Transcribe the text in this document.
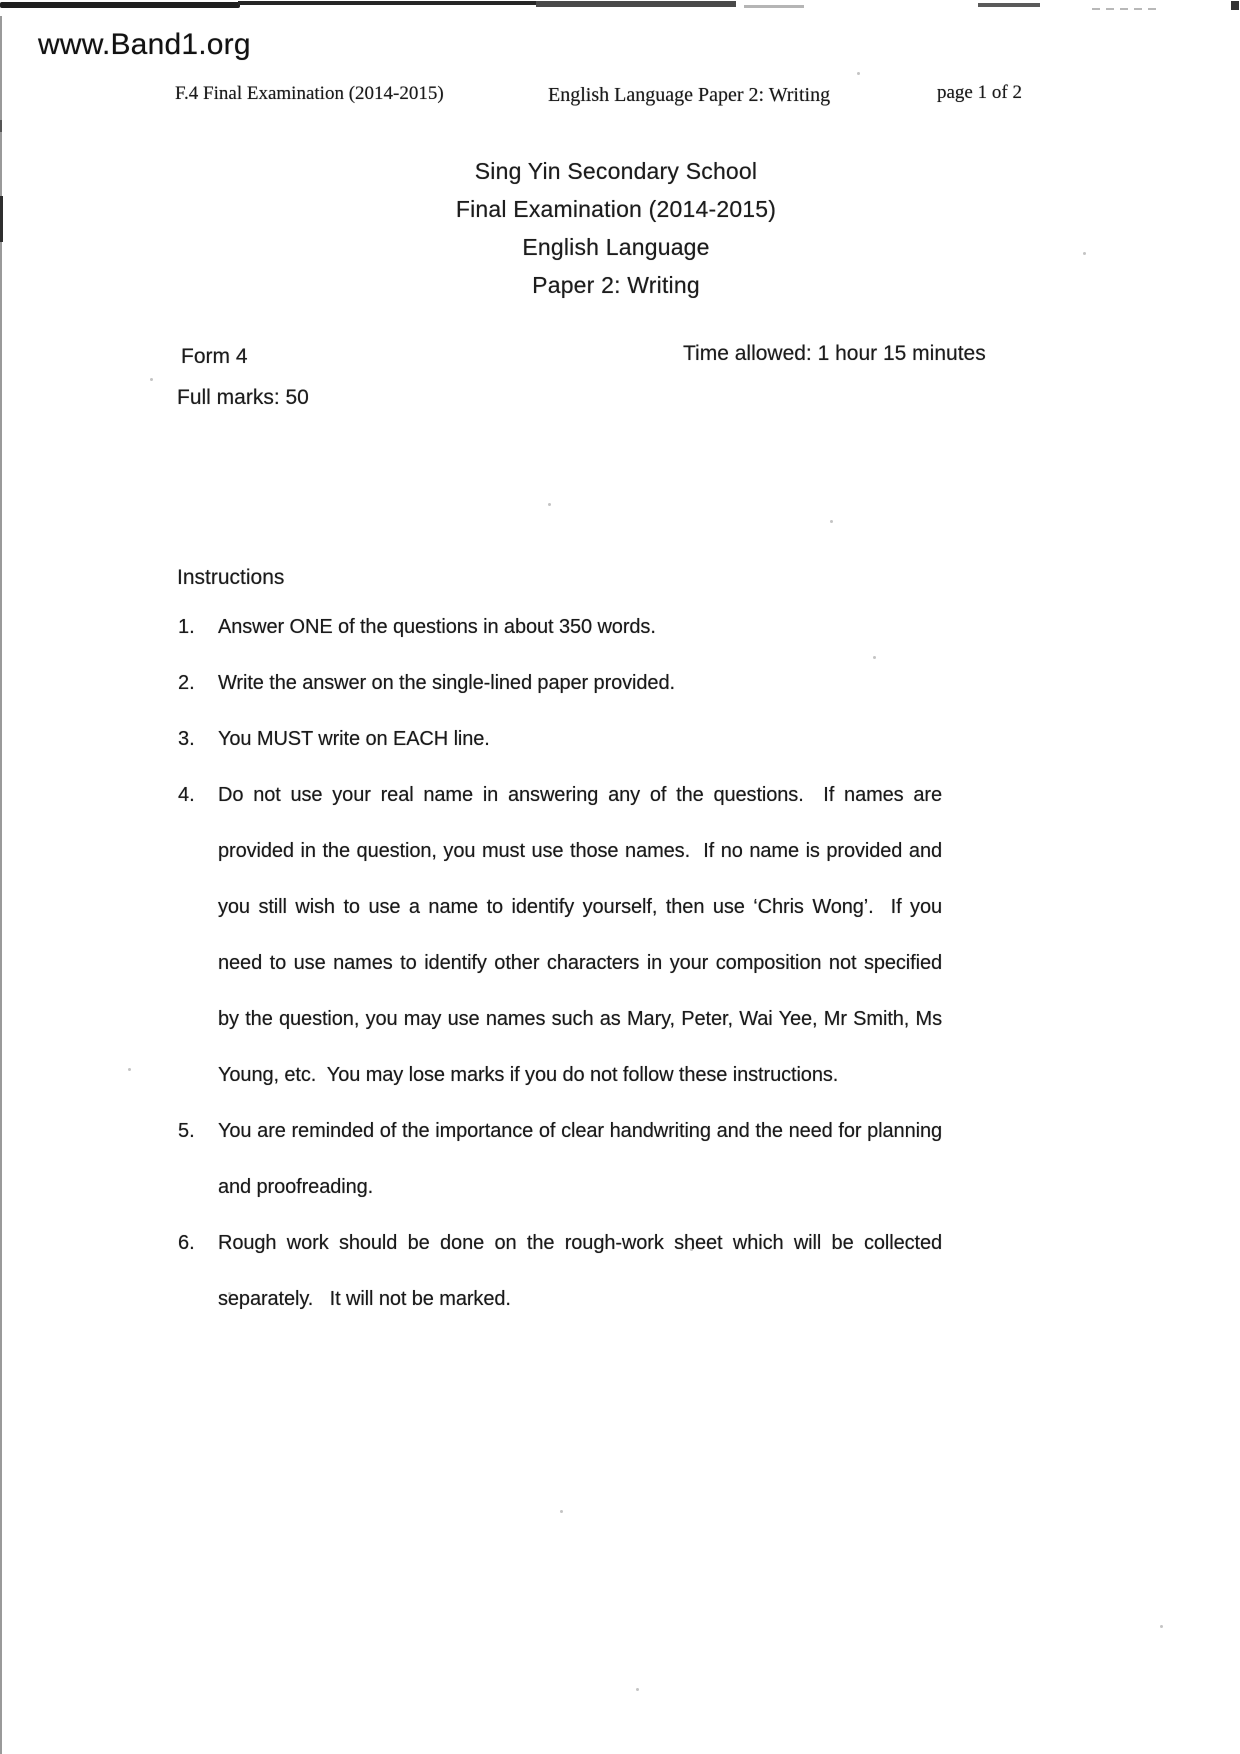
www.Band1.org
F.4 Final Examination (2014-2015)	English Language Paper 2: Writing	page 1 of 2
Sing Yin Secondary School
Final Examination (2014-2015)
English Language
Paper 2: Writing
Form 4	Time allowed: 1 hour 15 minutes
Full marks: 50
Instructions
1.	Answer ONE of the questions in about 350 words.
2.	Write the answer on the single-lined paper provided.
3.	You MUST write on EACH line.
4.	Do not use your real name in answering any of the questions.  If names are provided in the question, you must use those names.  If no name is provided and you still wish to use a name to identify yourself, then use ‘Chris Wong’.  If you need to use names to identify other characters in your composition not specified by the question, you may use names such as Mary, Peter, Wai Yee, Mr Smith, Ms Young, etc.  You may lose marks if you do not follow these instructions.
5.	You are reminded of the importance of clear handwriting and the need for planning and proofreading.
6.	Rough work should be done on the rough-work sheet which will be collected separately.   It will not be marked.
